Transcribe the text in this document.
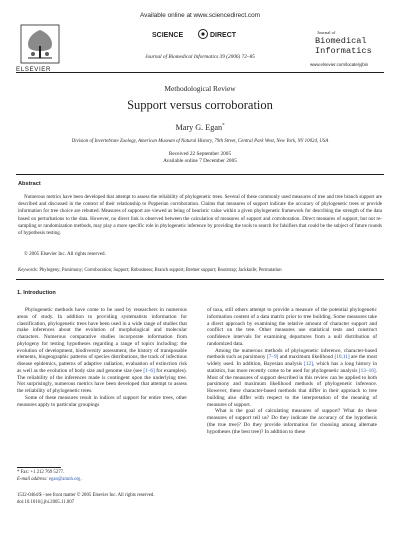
ELSEVIER
Available online at www.sciencedirect.com
SCIENCE	DIRECT
Journal of Biomedical Informatics 39 (2006) 72–85
Journal of
Biomedical
Informatics
www.elsevier.com/locate/yjbin
Methodological Review
Support versus corroboration
Mary G. Egan*
Division of Invertebrate Zoology, American Museum of Natural History, 79th Street, Central Park West, New York, NY 10024, USA
Received 22 September 2005
Available online 7 December 2005
Abstract

Numerous metrics have been developed that attempt to assess the reliability of phylogenetic trees. Several of these commonly used measures of tree and tree branch support are described and discussed in the context of their relationship to Popperian corroboration. Claims that measures of support indicate the accuracy of phylogenetic trees or provide information for tree choice are rebutted. Measures of support are viewed as being of heuristic value within a given phylogenetic framework for describing the strength of the data based on perturbations to the data. However, no direct link is observed between the calculation of measures of support and corroboration. Direct measures of support, but not re-sampling or randomization methods, may play a more specific role in phylogenetic inference by providing the tools to search for falsifiers that could be the subject of future rounds of hypothesis testing.

© 2005 Elsevier Inc. All rights reserved.
Keywords: Phylogeny; Parsimony; Corroboration; Support; Robustness; Branch support; Bremer support; Bootstrap; Jackknife; Permutation
1. Introduction

Phylogenetic methods have come to be used by researchers in numerous areas of study. In addition to providing systematists information for classification, phylogenetic trees have been used in a wide range of studies that make inferences about the evolution of morphological and molecular characters. Numerous comparative studies incorporate information from phylogeny for testing hypotheses regarding a range of topics including: the evolution of development, biodiversity assessment, the history of transposable elements, biogeographic patterns of species distributions, the track of infectious disease epidemics, patterns of adaptive radiation, evaluation of extinction risk as well as the evolution of body size and genome size (see [1–6] for examples). The reliability of the inferences made is contingent upon the underlying tree. Not surprisingly, numerous metrics have been developed that attempt to assess the reliability of phylogenetic trees.

Some of these measures result in indices of support for entire trees, other measures apply to particular groupings

of taxa, still others attempt to provide a measure of the potential phylogenetic information content of a data matrix prior to tree building. Some measures take a direct approach by examining the relative amount of character support and conflict on the tree. Other measures use statistical tests and construct confidence intervals for examining departures from a null distribution of randomized data.

Among the numerous methods of phylogenetic inference, character-based methods such as parsimony [7–9] and maximum likelihood [10,11] are the most widely used. In addition, Bayesian analysis [12], which has a long history in statistics, has more recently come to be used for phylogenetic analysis [13–16]. Most of the measures of support described in this review can be applied to both parsimony and maximum likelihood methods of phylogenetic inference. However, these character-based methods that differ in their approach to tree building also differ with respect to the interpretation of the meaning of measures of support.

What is the goal of calculating measures of support? What do these measures of support tell us? Do they indicate the accuracy of the hypothesis (the true tree)? Do they provide information for choosing among alternate hypotheses (the best tree)? In addition to these

* Fax: +1 212 769 5277.
E-mail address: egan@amnh.org.
1532-0464/$ - see front matter © 2005 Elsevier Inc. All rights reserved.
doi:10.1016/j.jbi.2005.11.007
